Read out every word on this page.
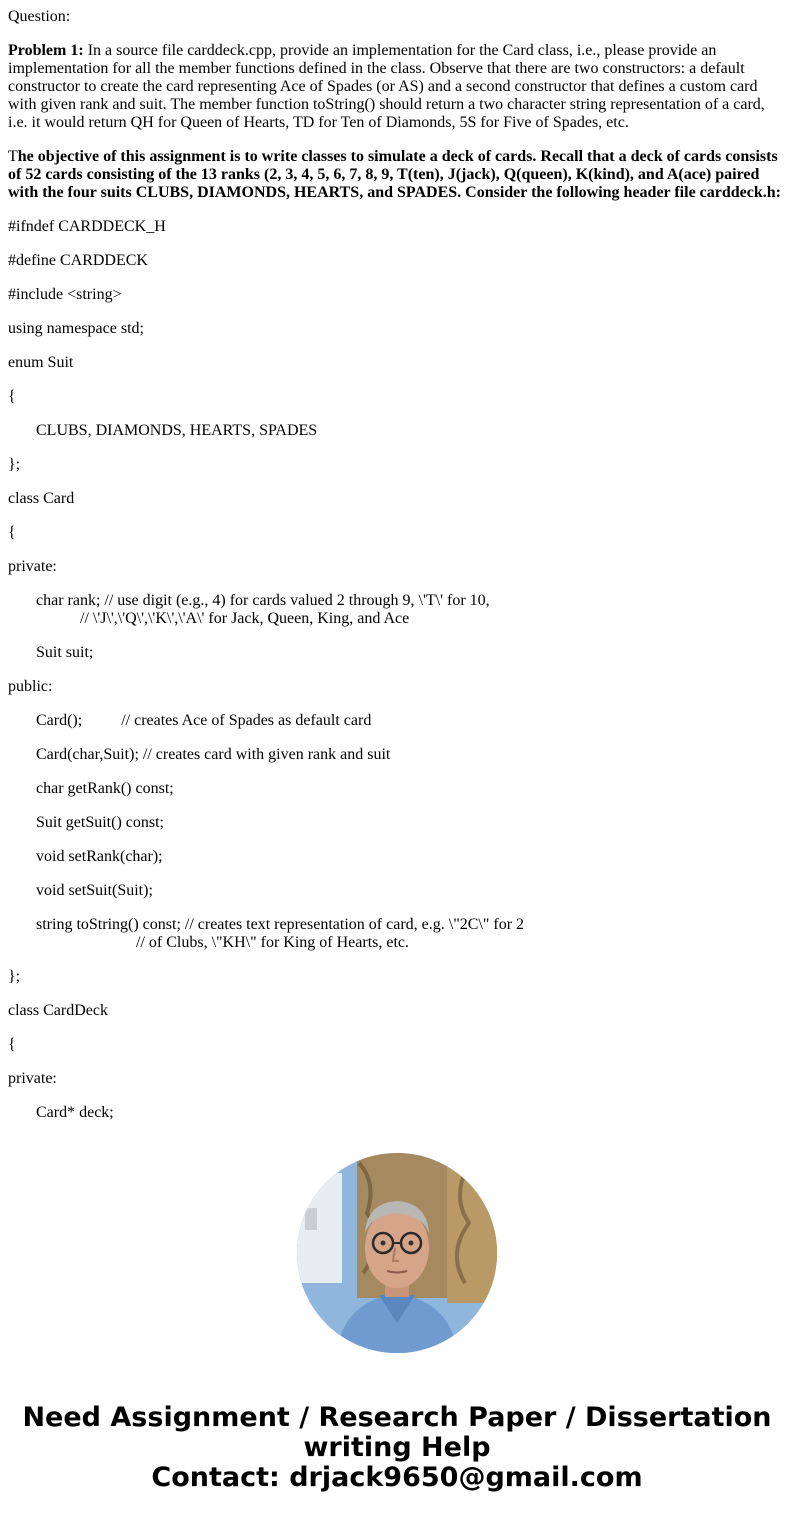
Question:

Problem 1: In a source file carddeck.cpp, provide an implementation for the Card class, i.e., please provide an implementation for all the member functions defined in the class. Observe that there are two constructors: a default constructor to create the card representing Ace of Spades (or AS) and a second constructor that defines a custom card with given rank and suit. The member function toString() should return a two character string representation of a card, i.e. it would return QH for Queen of Hearts, TD for Ten of Diamonds, 5S for Five of Spades, etc.

The objective of this assignment is to write classes to simulate a deck of cards. Recall that a deck of cards consists of 52 cards consisting of the 13 ranks (2, 3, 4, 5, 6, 7, 8, 9, T(ten), J(jack), Q(queen), K(kind), and A(ace) paired with the four suits CLUBS, DIAMONDS, HEARTS, and SPADES. Consider the following header file carddeck.h:

#ifndef CARDDECK_H

#define CARDDECK

#include <string>

using namespace std;

enum Suit

{

CLUBS, DIAMONDS, HEARTS, SPADES

};

class Card

{

private:

char rank; // use digit (e.g., 4) for cards valued 2 through 9, \'T\' for 10,
// \'J\',\'Q\',\'K\',\'A\' for Jack, Queen, King, and Ace

Suit suit;

public:

Card(); // creates Ace of Spades as default card

Card(char,Suit); // creates card with given rank and suit

char getRank() const;

Suit getSuit() const;

void setRank(char);

void setSuit(Suit);

string toString() const; // creates text representation of card, e.g. \"2C\" for 2
// of Clubs, \"KH\" for King of Hearts, etc.

};

class CardDeck

{

private:

Card* deck;

Need Assignment / Research Paper / Dissertation
writing Help
Contact: drjack9650@gmail.com
